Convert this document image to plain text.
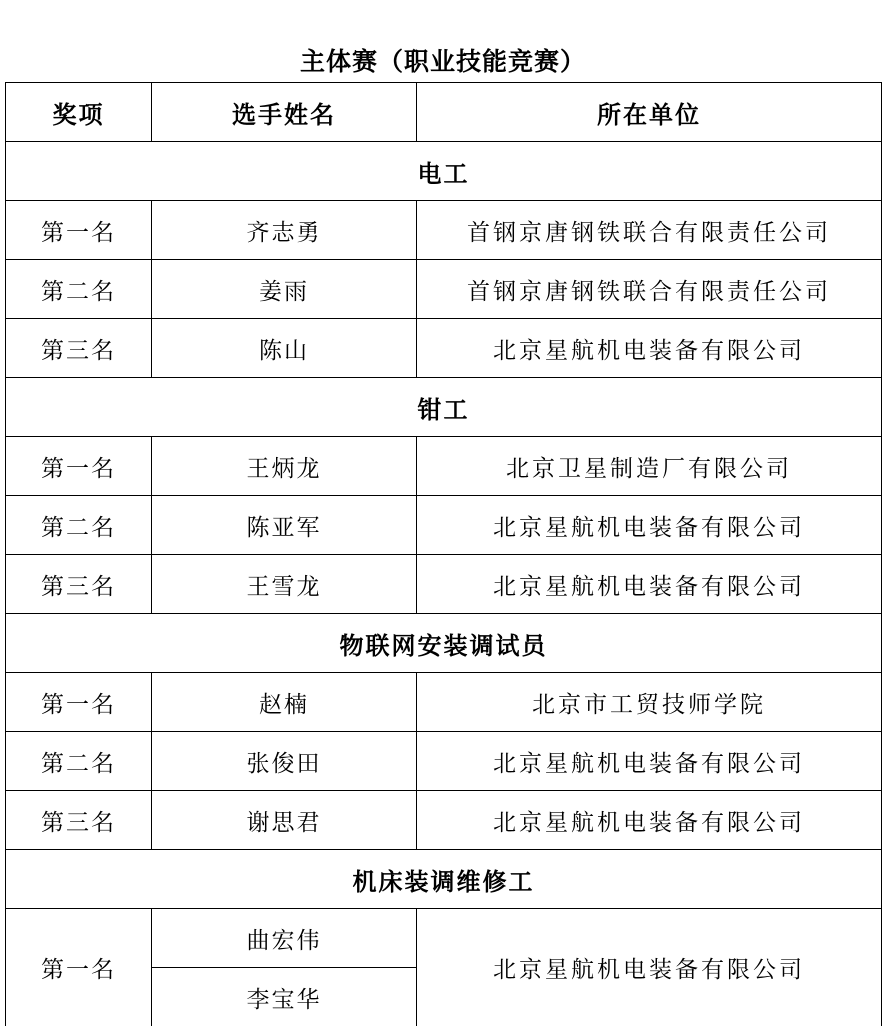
主体赛（职业技能竞赛）
奖项	选手姓名	所在单位
电工		
第一名	齐志勇	首钢京唐钢铁联合有限责任公司
第二名	姜雨	首钢京唐钢铁联合有限责任公司
第三名	陈山	北京星航机电装备有限公司
钳工		
第一名	王炳龙	北京卫星制造厂有限公司
第二名	陈亚军	北京星航机电装备有限公司
第三名	王雪龙	北京星航机电装备有限公司
物联网安装调试员		
第一名	赵楠	北京市工贸技师学院
第二名	张俊田	北京星航机电装备有限公司
第三名	谢思君	北京星航机电装备有限公司
机床装调维修工		
第一名	曲宏伟	北京星航机电装备有限公司
	李宝华	
